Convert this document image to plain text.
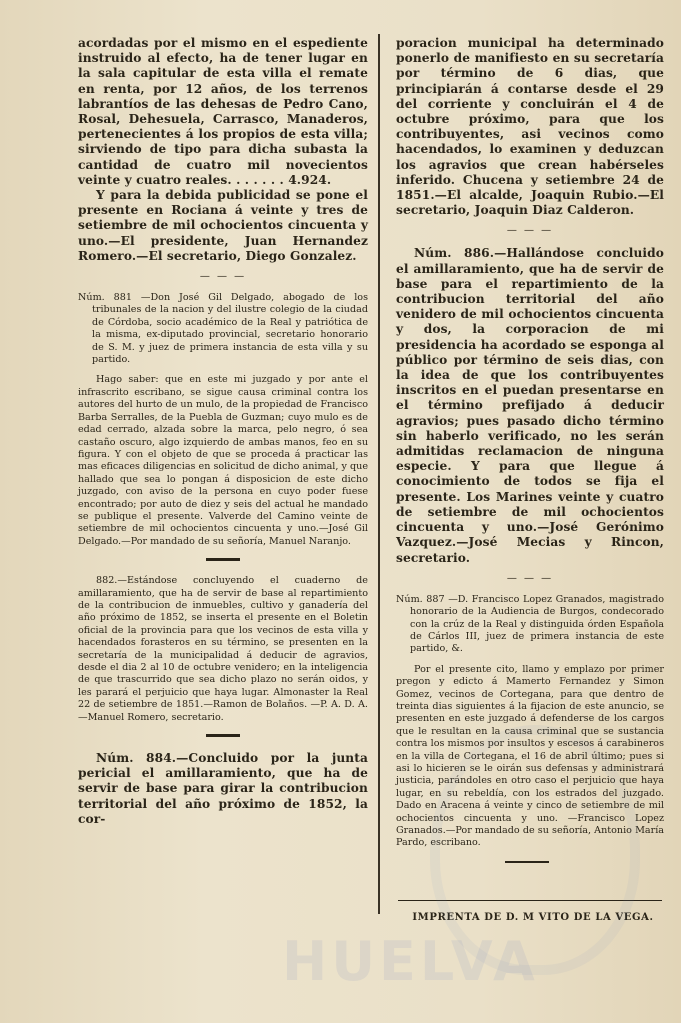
acordadas por el mismo en el espediente instruido al efecto, ha de tener lugar en la sala capitular de esta villa el remate en renta, por 12 años, de los terrenos labrantíos de las dehesas de Pedro Cano, Rosal, Dehesuela, Carrasco, Manaderos, pertenecientes á los propios de esta villa; sirviendo de tipo para dicha subasta la cantidad de cuatro mil novecientos veinte y cuatro reales. . . . . . . 4.924.

Y para la debida publicidad se pone el presente en Rociana á veinte y tres de setiembre de mil ochocientos cincuenta y uno.—El presidente, Juan Hernandez Romero.—El secretario, Diego Gonzalez.

— — —

Núm. 881 —Don José Gil Delgado, abogado de los tribunales de la nacion y del ilustre colegio de la ciudad de Córdoba, socio académico de la Real y patriótica de la misma, ex-diputado provincial, secretario honorario de S. M. y juez de primera instancia de esta villa y su partido.

Hago saber: que en este mi juzgado y por ante el infrascrito escribano, se sigue causa criminal contra los autores del hurto de un mulo, de la propiedad de Francisco Barba Serralles, de la Puebla de Guzman; cuyo mulo es de edad cerrado, alzada sobre la marca, pelo negro, ó sea castaño oscuro, algo izquierdo de ambas manos, feo en su figura. Y con el objeto de que se proceda á practicar las mas eficaces diligencias en solicitud de dicho animal, y que hallado que sea lo pongan á disposicion de este dicho juzgado, con aviso de la persona en cuyo poder fuese encontrado; por auto de diez y seis del actual he mandado se publique el presente. Valverde del Camino veinte de setiembre de mil ochocientos cincuenta y uno.—José Gil Delgado.—Por mandado de su señoría, Manuel Naranjo.

882.—Estándose concluyendo el cuaderno de amillaramiento, que ha de servir de base al repartimiento de la contribucion de inmuebles, cultivo y ganadería del año próximo de 1852, se inserta el presente en el Boletin oficial de la provincia para que los vecinos de esta villa y hacendados forasteros en su término, se presenten en la secretaría de la municipalidad á deducir de agravios, desde el dia 2 al 10 de octubre venidero; en la inteligencia de que trascurrido que sea dicho plazo no serán oidos, y les parará el perjuicio que haya lugar. Almonaster la Real 22 de setiembre de 1851.—Ramon de Bolaños. —P. A. D. A.—Manuel Romero, secretario.

Núm. 884.—Concluido por la junta pericial el amillaramiento, que ha de servir de base para girar la contribucion territorial del año próximo de 1852, la cor-

poracion municipal ha determinado ponerlo de manifiesto en su secretaría por término de 6 dias, que principiarán á contarse desde el 29 del corriente y concluirán el 4 de octubre próximo, para que los contribuyentes, asi vecinos como hacendados, lo examinen y deduzcan los agravios que crean habérseles inferido. Chucena y setiembre 24 de 1851.—El alcalde, Joaquin Rubio.—El secretario, Joaquin Diaz Calderon.

— — —

Núm. 886.—Hallándose concluido el amillaramiento, que ha de servir de base para el repartimiento de la contribucion territorial del año venidero de mil ochocientos cincuenta y dos, la corporacion de mi presidencia ha acordado se esponga al público por término de seis dias, con la idea de que los contribuyentes inscritos en el puedan presentarse en el término prefijado á deducir agravios; pues pasado dicho término sin haberlo verificado, no les serán admitidas reclamacion de ninguna especie. Y para que llegue á conocimiento de todos se fija el presente. Los Marines veinte y cuatro de setiembre de mil ochocientos cincuenta y uno.—José Gerónimo Vazquez.—José Mecias y Rincon, secretario.

— — —

Núm. 887 —D. Francisco Lopez Granados, magistrado honorario de la Audiencia de Burgos, condecorado con la crúz de la Real y distinguida órden Española de Cárlos III, juez de primera instancia de este partido, &.

Por el presente cito, llamo y emplazo por primer pregon y edicto á Mamerto Fernandez y Simon Gomez, vecinos de Cortegana, para que dentro de treinta dias siguientes á la fijacion de este anuncio, se presenten en este juzgado á defenderse de los cargos que le resultan en la causa criminal que se sustancia contra los mismos por insultos y escesos á carabineros en la villa de Cortegana, el 16 de abril último; pues si asi lo hicieren se le oirán sus defensas y administrará justicia, parándoles en otro caso el perjuicio que haya lugar, en su rebeldía, con los estrados del juzgado. Dado en Aracena á veinte y cinco de setiembre de mil ochocientos cincuenta y uno. —Francisco Lopez Granados.—Por mandado de su señoría, Antonio María Pardo, escribano.

IMPRENTA DE D. M VITO DE LA VEGA.
HUELVA
